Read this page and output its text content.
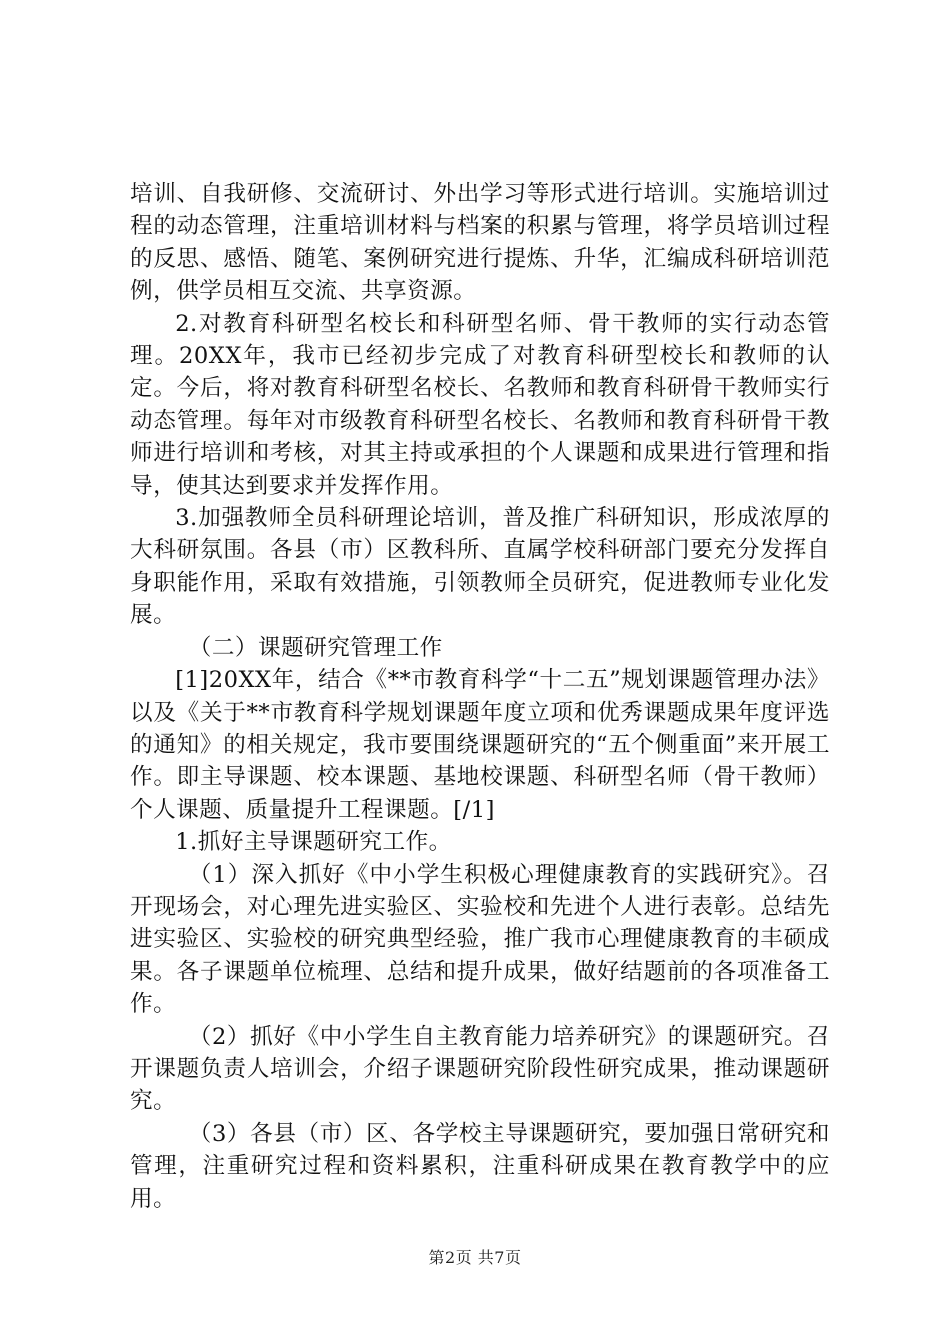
培训、自我研修、交流研讨、外出学习等形式进行培训。实施培训过程的动态管理，注重培训材料与档案的积累与管理，将学员培训过程的反思、感悟、随笔、案例研究进行提炼、升华，汇编成科研培训范例，供学员相互交流、共享资源。

2.对教育科研型名校长和科研型名师、骨干教师的实行动态管理。20XX年，我市已经初步完成了对教育科研型校长和教师的认定。今后，将对教育科研型名校长、名教师和教育科研骨干教师实行动态管理。每年对市级教育科研型名校长、名教师和教育科研骨干教师进行培训和考核，对其主持或承担的个人课题和成果进行管理和指导，使其达到要求并发挥作用。

3.加强教师全员科研理论培训，普及推广科研知识，形成浓厚的大科研氛围。各县（市）区教科所、直属学校科研部门要充分发挥自身职能作用，采取有效措施，引领教师全员研究，促进教师专业化发展。

（二）课题研究管理工作

[1]20XX年，结合《**市教育科学“十二五”规划课题管理办法》以及《关于**市教育科学规划课题年度立项和优秀课题成果年度评选的通知》的相关规定，我市要围绕课题研究的“五个侧重面”来开展工作。即主导课题、校本课题、基地校课题、科研型名师（骨干教师）个人课题、质量提升工程课题。[/1]

1.抓好主导课题研究工作。

（1）深入抓好《中小学生积极心理健康教育的实践研究》。召开现场会，对心理先进实验区、实验校和先进个人进行表彰。总结先进实验区、实验校的研究典型经验，推广我市心理健康教育的丰硕成果。各子课题单位梳理、总结和提升成果，做好结题前的各项准备工作。

（2）抓好《中小学生自主教育能力培养研究》的课题研究。召开课题负责人培训会，介绍子课题研究阶段性研究成果，推动课题研究。

（3）各县（市）区、各学校主导课题研究，要加强日常研究和管理，注重研究过程和资料累积，注重科研成果在教育教学中的应用。

第2页 共7页
